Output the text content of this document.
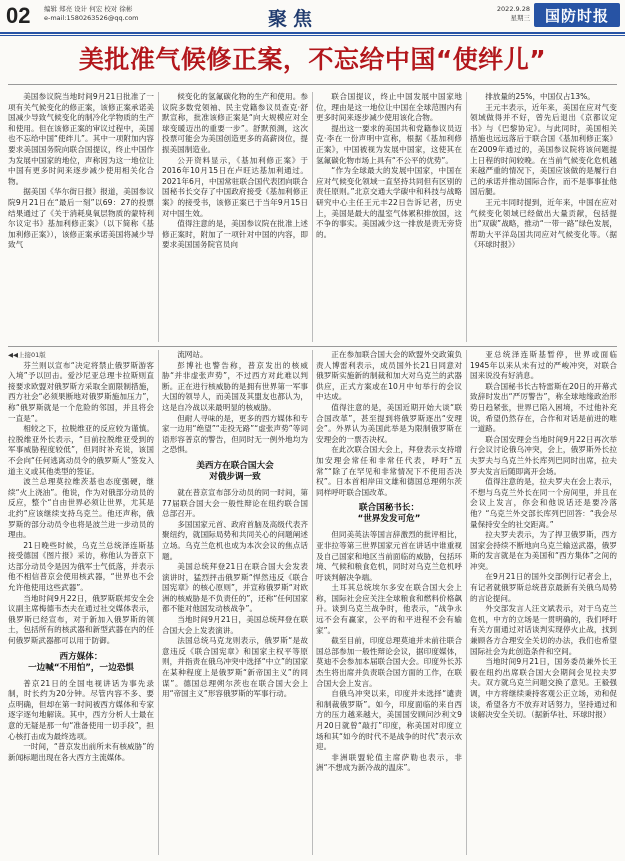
02 编辑 郑亮 设计 何宏 校对 徐彬
e-mail:1580263526@qq.com	聚焦	2022.9.28
星期三 国防时报
美批准气候修正案，不忘给中国“使绊儿”

美国参议院当地时间9月21日批准了一项有关气候变化的修正案，该修正案承诺美国减少导致气候变化的制冷化学物质的生产和使用。但在该修正案的审议过程中，美国也不忘给中国“使绊儿”。其中一项附加内容要求美国国务院向联合国提议，终止中国作为发展中国家的地位，声称因为这一地位让中国有更多时间来逐步减少使用相关化合物。

据美国《华尔街日报》报道，美国参议院9月21日在“最后一刻”以69：27的投票结果通过了《关于消耗臭氧层物质的蒙特利尔议定书》基加利修正案》（以下简称《基加利修正案》），该修正案承诺美国将减少导致气

候变化的氢氟碳化物的生产和使用。参议院多数党领袖、民主党籍参议员查克·舒默宣称，批准该修正案是“向大规模应对全球变暖迈出的重要一步”。舒默预测，这次投票可能会为美国创造更多的高薪岗位，提振美国制造业。

公开资料显示，《基加利修正案》于2016年10月15日在卢旺达基加利通过。2021年6月，中国常驻联合国代表团向联合国秘书长交存了中国政府接受《基加利修正案》的接受书，该修正案已于当年9月15日对中国生效。

值得注意的是，美国参议院在批准上述修正案时，附加了一项针对中国的内容，即要求美国国务院官员向

联合国提议，终止中国发展中国家地位，理由是这一地位让中国在全球范围内有更多时间来逐步减少使用该化合物。

提出这一要求的美国共和党籍参议员迈克·李在一份声明中宣称，根据《基加利修正案》，中国被视为发展中国家，这使其在氢氟碳化物市场上具有“不公平的优势”。

“作为全球最大的发展中国家，中国在应对气候变化领域一直坚持共同但有区别的责任原则。”北京交通大学碳中和科技与战略研究中心主任王元丰22日告诉记者，历史上，美国是最大的温室气体累积排放国，这不争的事实。美国减少这一排放是责无旁贷的。

排放量的25%，中国仅占13%。

王元丰表示，近年来，美国在应对气变领域做得并不好，曾先后退出《京都议定书》与《巴黎协定》。与此同时，美国相关措施也远远落后于联合国《基加利修正案》在2009年通过的，美国参议院将该问题提上日程的时间较晚。在当前气候变化危机越来越严重的情况下，美国应该做的是履行自己的承诺并推动国际合作，而不是事事扯他国后腿。

王元丰同时提到，近年来，中国在应对气候变化领域已经做出大量贡献，包括提出“双碳”战略，推动“一带一路”绿色发展，帮助大平洋岛国共同应对气候变化等。（据《环球时报》）

◀◀上接01版

芬兰则以宣布“决定将禁止俄罗斯游客入境”予以回击。爱沙尼亚总理卡拉斯则直接要求欧盟对俄罗斯方采取全面限制措施，西方社会“必须果断地对俄罗斯施加压力”，称“俄罗斯就是一个危险的邻国，并且将会一直是”。

相较之下，拉脱维亚的反应较为谨慎。拉脱维亚外长表示，“目前拉脱维亚受到的军事威胁程度较低”，但同时补充说，该国不会向“任何逃离动员令的俄罗斯人”签发入道主义或其他类型的签证。

波兰总理莫拉维茨基也态度强硬，继续“火上浇油”。他说，作为对俄部分动员的反应，整个“自由世界必须让世界，尤其是北约”应该继续支持乌克兰。他还声称，俄罗斯的部分动员令也将是波兰进一步动员的理由。

21日晚些时候，乌克兰总统泽连斯基接受德国《图片报》采访，称他认为普京下达部分动员令是因为俄军士气低落，并表示他不相信普京会使用核武器，“世界也不会允许他使用这些武器”。

当地时间9月22日，俄罗斯联邦安全会议副主席梅德韦杰夫在通过社交媒体表示，俄罗斯已经宣布，对于新加入俄罗斯的领土，包括所有的核武器和新型武器在内的任何俄罗斯武器都可以用于防御。

西方媒体：
一边喊“不用怕”，一边恐惧

普京21日的全国电视讲话为事先录制，时长约为20分钟。尽管内容不多、要点明确，但却在第一时间被西方媒体和专家逐字逐句地解读。其中，西方分析人士最在意的无疑是那一句“准备使用一切手段”，担心核打击成为最终选项。

一时间，“普京发出前所未有核威胁”的新闻标题出现在各大西方主流媒体。

流网站。

彭博社也警告称，普京发出的核威胁“并非虚张声势”，不过西方对此难以判断。正在进行核威胁的是拥有世界第一军事大国的领导人，而美国及其盟友也都认为，这是自冷战以来最明显的核威胁。

但耐人寻味的是，更多的西方媒体和专家一边用“绝望”“走投无路”“虚张声势”等词语形容普京的警告，但同时无一例外地均为之恐惧。

美西方在联合国大会
对俄步调一致

就在普京宣布部分动员的同一时间，第77届联合国大会一般性辩论在纽约联合国总部召开。

多国国家元首、政府首脑及高级代表齐聚纽约，就国际局势和共同关心的问题阐述立场。乌克兰危机也成为本次会议的焦点话题。

美国总统拜登21日在联合国大会发表演讲时，猛烈抨击俄罗斯“悍然违反《联合国宪章》的核心原则”，并宣称俄罗斯“对欧洲的核威胁是不负责任的”，还称“任何国家都不能对他国发动核战争”。

当地时间9月21日，美国总统拜登在联合国大会上发表演讲。

法国总统马克龙则表示，俄罗斯“是故意违反《联合国宪章》和国家主权平等原则，并指责在俄乌冲突中选择“中立”的国家在某种程度上是俄罗斯“新帝国主义”的同谋”。德国总理朔尔茨也在联合国大会上用“帝国主义”形容俄罗斯的军事行动。

正在参加联合国大会的欧盟外交政策负责人博雷利表示，成员国外长21日同意对俄罗斯实施新的制裁和加大对乌克兰的武器供应，正式方案或在10月中旬举行的会议中达成。

值得注意的是，美国近期开始大谈“联合国改革”，甚至提到将俄罗斯逐出“安理会”。外界认为美国此举是为限制俄罗斯在安理会的一票否决权。

在此次联合国大会上，拜登表示支持增加安理会常任和非常任代表，呼吁“五常”“除了在罕见和非常情况下不使用否决权”。日本首相岸田文雄和德国总理朔尔茨同样呼吁联合国改革。

联合国秘书长：
“世界发发可危”

但同美英法等国言辞激烈的批评相比，亚非拉等第三世界国家元首在讲话中谁重视及自己国家和地区当前面临的威胁，包括环境、气候和粮食危机，同时对乌克兰危机呼吁谈判解决争端。

土耳其总统埃尔多安在联合国大会上称，国际社会应关注全球粮食和燃料价格飙升。谈到乌克兰战争时，他表示，“战争永远不会有赢家，公平的和平进程不会有输家”。

截至目前，印度总理莫迪并未前往联合国总部参加一般性辩论会议，据印度媒体，莫迪不会参加本届联合国大会。印度外长苏杰生将出席并负责联合国方面的工作，在联合国大会上发言。

自俄乌冲突以来，印度并未选择“谴责和制裁俄罗斯”。如今，印度面临的来自西方的压力越来越大，美国国安顾问沙利文9月20日就曾“敲打”印度，称美国对印度立场和其“如今的时代不是战争的时代”表示欢迎。

非洲联盟轮值主席萨勒也表示，非洲“不想成为新冷战的温床”。

亚总统泽连斯基暂停，世界或面临1945年以来从未有过的严峻冲突，对联合国来说没有好消息。

联合国秘书长古特雷斯在20日的开幕式致辞时发出“严厉警告”，称全球地缘政治形势日趋紧张，世界已陷入困境，不过他补充说，希望仍然存在，合作和对话是前进的唯一道路。

联合国安理会当地时间9月22日再次举行会议讨论俄乌冲突，会上，俄罗斯外长拉夫罗夫与乌克兰外长库列巴同时出席，拉夫罗夫发言后随即离开会场。

值得注意的是，拉夫罗夫在会上表示，不想与乌克兰外长在同一个房间里，并且在会议上发言，你会和他说话还是要冷落他？“乌克兰外交部长库列巴回答：“我会尽量保持安全的社交距离。”

拉夫罗夫表示，为了捍卫俄罗斯，西方国家会持续不断地向乌克兰输送武器，俄罗斯的发言就是在为美国和“西方集体”之间的冲突。

在9月21日的国外交部例行记者会上，有记者就俄罗斯总统普京最新有关俄乌局势的言论提问。

外交部发言人汪文斌表示，对于乌克兰危机，中方的立场是一贯明确的，我们呼吁有关方面通过对话谈判实现停火止战，找到兼顾各方合理安全关切的办法，我们也希望国际社会为此创造条件和空间。

当地时间9月21日，国务委员兼外长王毅在纽约出席联合国大会期间会见拉夫罗夫。双方就乌克兰问题交换了意见。王毅强调，中方将继续秉持客观公正立场，劝和促谈，希望各方不放弃对话努力，坚持通过和谈解决安全关切。（据新华社、环球时报）
